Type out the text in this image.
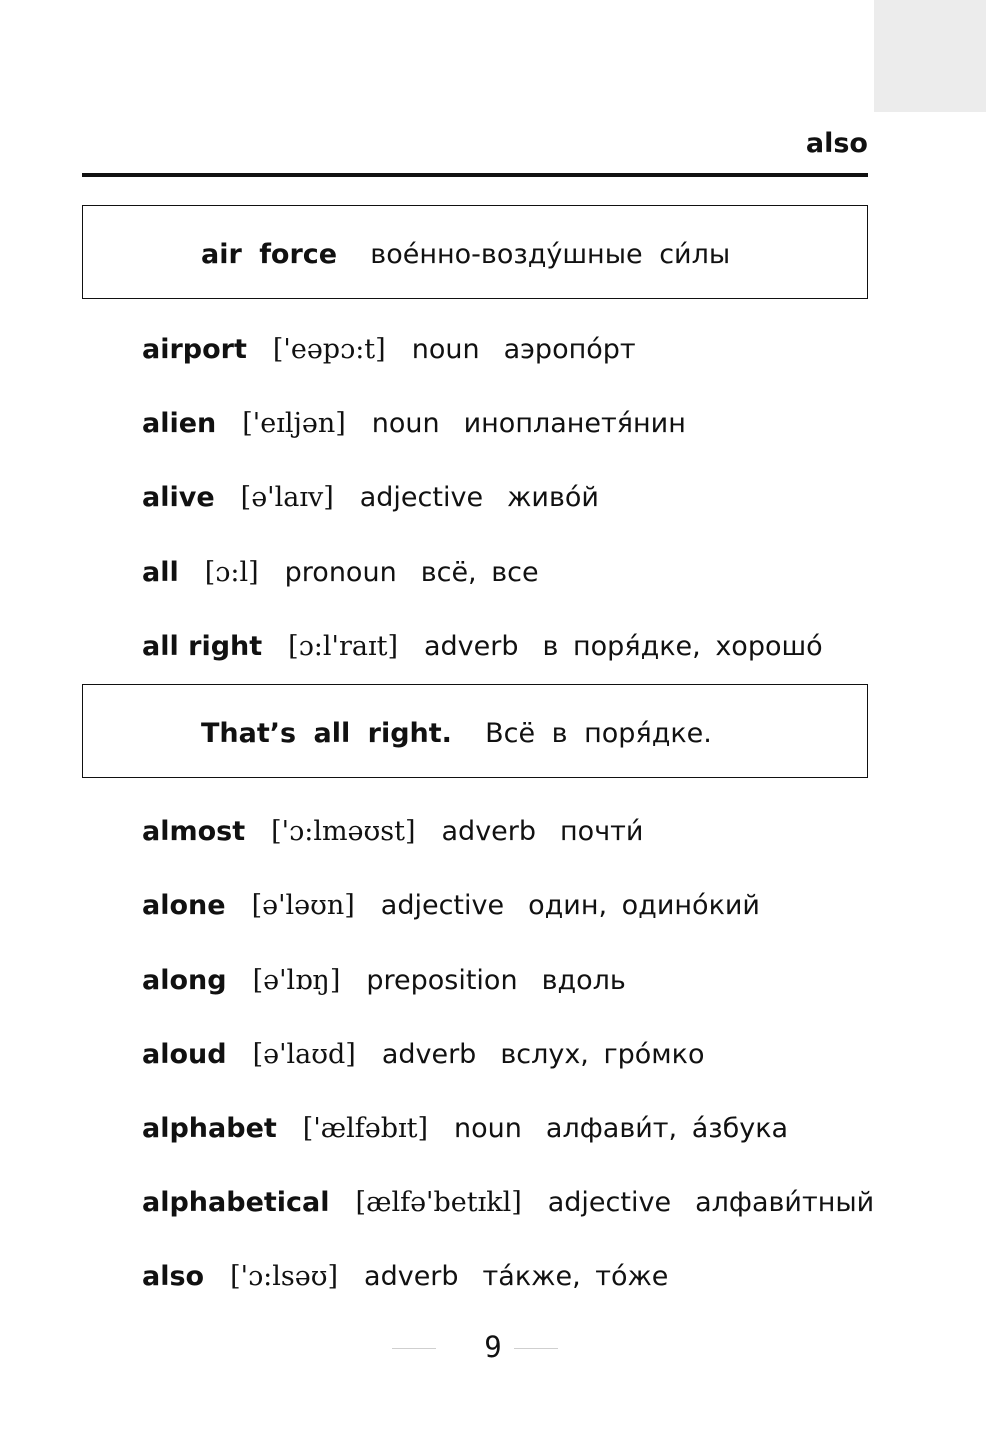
also
air force вое́нно-возду́шные си́лы
airport ['eəpɔ:t] noun аэропо́рт
alien ['eɪljən] noun инопланетя́нин
alive [ə'laɪv] adjective живо́й
all [ɔ:l] pronoun всё, все
all right [ɔ:l'raɪt] adverb в поря́дке, хорошо́
That’s all right. Всё в поря́дке.
almost ['ɔ:lməʊst] adverb почти́
alone [ə'ləʊn] adjective один, одино́кий
along [ə'lɒŋ] preposition вдоль
aloud [ə'laʊd] adverb вслух, гро́мко
alphabet ['ælfəbɪt] noun алфави́т, а́збука
alphabetical [ælfə'betɪkl] adjective алфави́тный
also ['ɔ:lsəʊ] adverb та́кже, то́же
9
